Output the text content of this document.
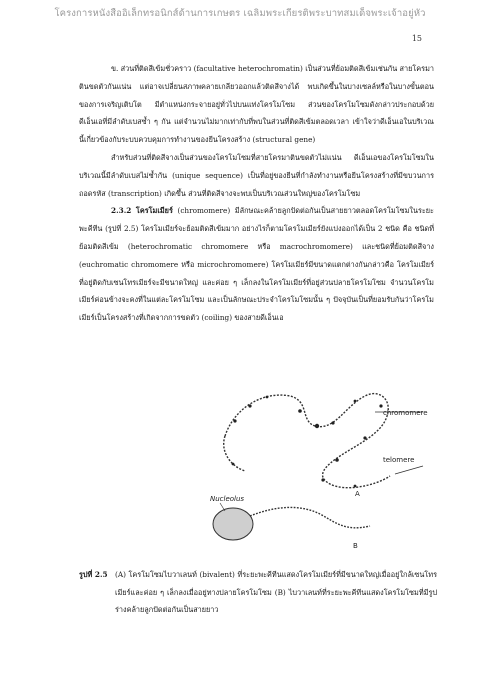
โครงการหนังสืออิเล็กทรอนิกส์ด้านการเกษตร เฉลิมพระเกียรติพระบาทสมเด็จพระเจ้าอยู่หัว
15

ข. ส่วนที่ติดสีเข้มชั่วคราว (facultative heterochromatin) เป็นส่วนที่ย้อมติดสีเข้มเช่นกัน สายโครมาตินขดตัวกันแน่น แต่อาจเปลี่ยนสภาพคลายเกลียวออกแล้วติดสีจางได้ พบเกิดขึ้นในบางเซลล์หรือในบางขั้นตอนของการเจริญเติบโต มีตำแหน่งกระจายอยู่ทั่วไปบนแท่งโครโมโซม ส่วนของโครโมโซมดังกล่าวประกอบด้วยดีเอ็นเอที่มีลำดับเบสซ้ำ ๆ กัน แต่จำนวนไม่มากเท่ากับที่พบในส่วนที่ติดสีเข้มตลอดเวลา เข้าใจว่าดีเอ็นเอในบริเวณนี้เกี่ยวข้องกับระบบควบคุมการทำงานของยีนโครงสร้าง (structural gene)

สำหรับส่วนที่ติดสีจางเป็นส่วนของโครโมโซมที่สายโครมาตินขดตัวไม่แน่น ดีเอ็นเอของโครโมโซมในบริเวณนี้มีลำดับเบสไม่ซ้ำกัน (unique sequence) เป็นที่อยู่ของยีนที่กำลังทำงานหรือยีนโครงสร้างที่มีขบวนการถอดรหัส (transcription) เกิดขึ้น ส่วนที่ติดสีจางจะพบเป็นบริเวณส่วนใหญ่ของโครโมโซม

2.3.2 โครโมเมียร์ (chromomere) มีลักษณะคล้ายลูกปัดต่อกันเป็นสายยาวตลอดโครโมโซมในระยะพะคีทีน (รูปที่ 2.5) โครโมเมียร์จะย้อมติดสีเข้มมาก อย่างไรก็ตามโครโมเมียร์ยังแบ่งออกได้เป็น 2 ชนิด คือ ชนิดที่ย้อมติดสีเข้ม (heterochromatic chromomere หรือ macrochromomere) และชนิดที่ย้อมติดสีจาง (euchromatic chromomere หรือ microchromomere) โครโมเมียร์มีขนาดแตกต่างกันกล่าวคือ โครโมเมียร์ที่อยู่ติดกับเซนโทรเมียร์จะมีขนาดใหญ่ และค่อย ๆ เล็กลงในโครโมเมียร์ที่อยู่ส่วนปลายโครโมโซม จำนวนโครโมเมียร์ค่อนข้างจะคงที่ในแต่ละโครโมโซม และเป็นลักษณะประจำโครโมโซมนั้น ๆ ปัจจุบันเป็นที่ยอมรับกันว่าโครโมเมียร์เป็นโครงสร้างที่เกิดจากการขดตัว (coiling) ของสายดีเอ็นเอ

chromomere
telomere
A
Nucleolus
B
รูปที่ 2.5 (A) โครโมโซมไบวาเลนท์ (bivalent) ที่ระยะพะคีทีนแสดงโครโมเมียร์ที่มีขนาดใหญ่เมื่ออยู่ใกล้เซนโทรเมียร์และค่อย ๆ เล็กลงเมื่ออยู่ทางปลายโครโมโซม (B) ไบวาเลนท์ที่ระยะพะคีทีนแสดงโครโมโซมที่มีรูปร่างคล้ายลูกปัดต่อกันเป็นสายยาว
